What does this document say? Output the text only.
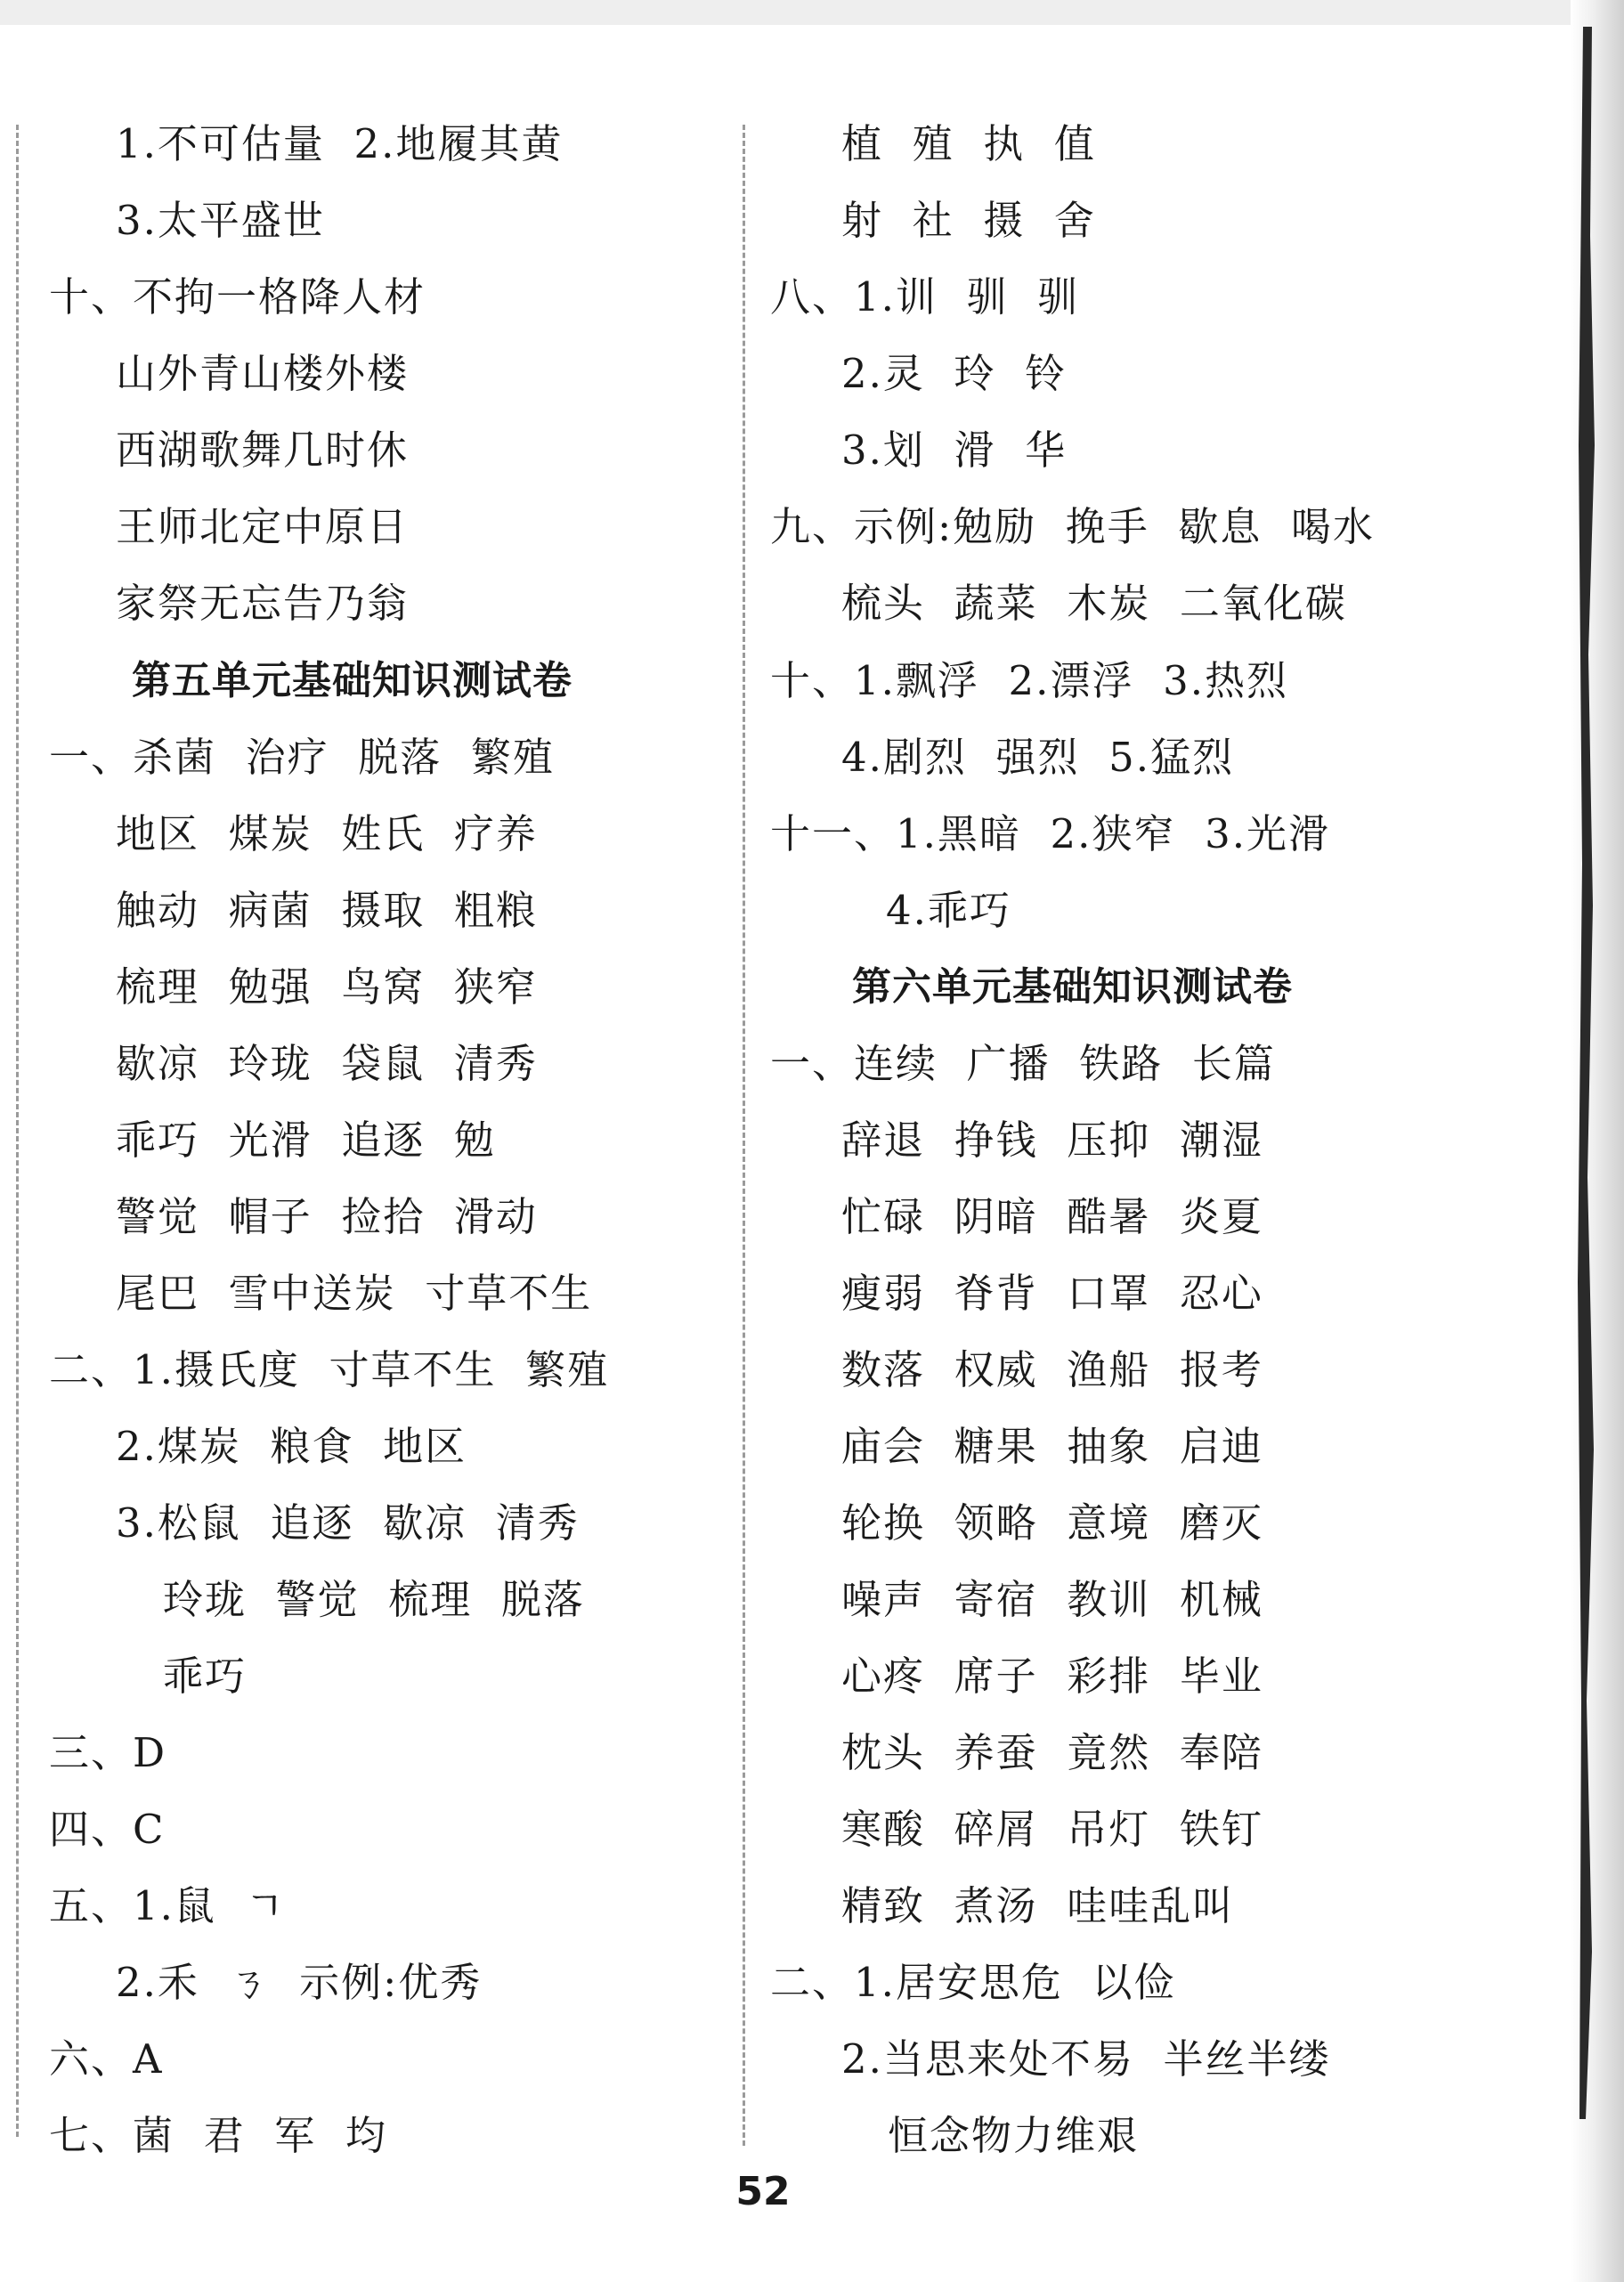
1.不可估量  2.地履其黄
3.太平盛世
十、不拘一格降人材
山外青山楼外楼
西湖歌舞几时休
王师北定中原日
家祭无忘告乃翁
第五单元基础知识测试卷
一、杀菌  治疗  脱落  繁殖
地区  煤炭  姓氏  疗养
触动  病菌  摄取  粗粮
梳理  勉强  鸟窝  狭窄
歇凉  玲珑  袋鼠  清秀
乖巧  光滑  追逐  勉
警觉  帽子  捡拾  滑动
尾巴  雪中送炭  寸草不生
二、1.摄氏度  寸草不生  繁殖
2.煤炭  粮食  地区
3.松鼠  追逐  歇凉  清秀
玲珑  警觉  梳理  脱落
乖巧
三、D
四、C
五、1.鼠  ㄱ
2.禾  ㄋ  示例:优秀
六、A
七、菌  君  军  均
植  殖  执  值
射  社  摄  舍
八、1.训  驯  驯
2.灵  玲  铃
3.划  滑  华
九、示例:勉励  挽手  歇息  喝水
梳头  蔬菜  木炭  二氧化碳
十、1.飘浮  2.漂浮  3.热烈
4.剧烈  强烈  5.猛烈
十一、1.黑暗  2.狭窄  3.光滑
4.乖巧
第六单元基础知识测试卷
一、连续  广播  铁路  长篇
辞退  挣钱  压抑  潮湿
忙碌  阴暗  酷暑  炎夏
瘦弱  脊背  口罩  忍心
数落  权威  渔船  报考
庙会  糖果  抽象  启迪
轮换  领略  意境  磨灭
噪声  寄宿  教训  机械
心疼  席子  彩排  毕业
枕头  养蚕  竟然  奉陪
寒酸  碎屑  吊灯  铁钉
精致  煮汤  哇哇乱叫
二、1.居安思危  以俭
2.当思来处不易  半丝半缕
恒念物力维艰
52
